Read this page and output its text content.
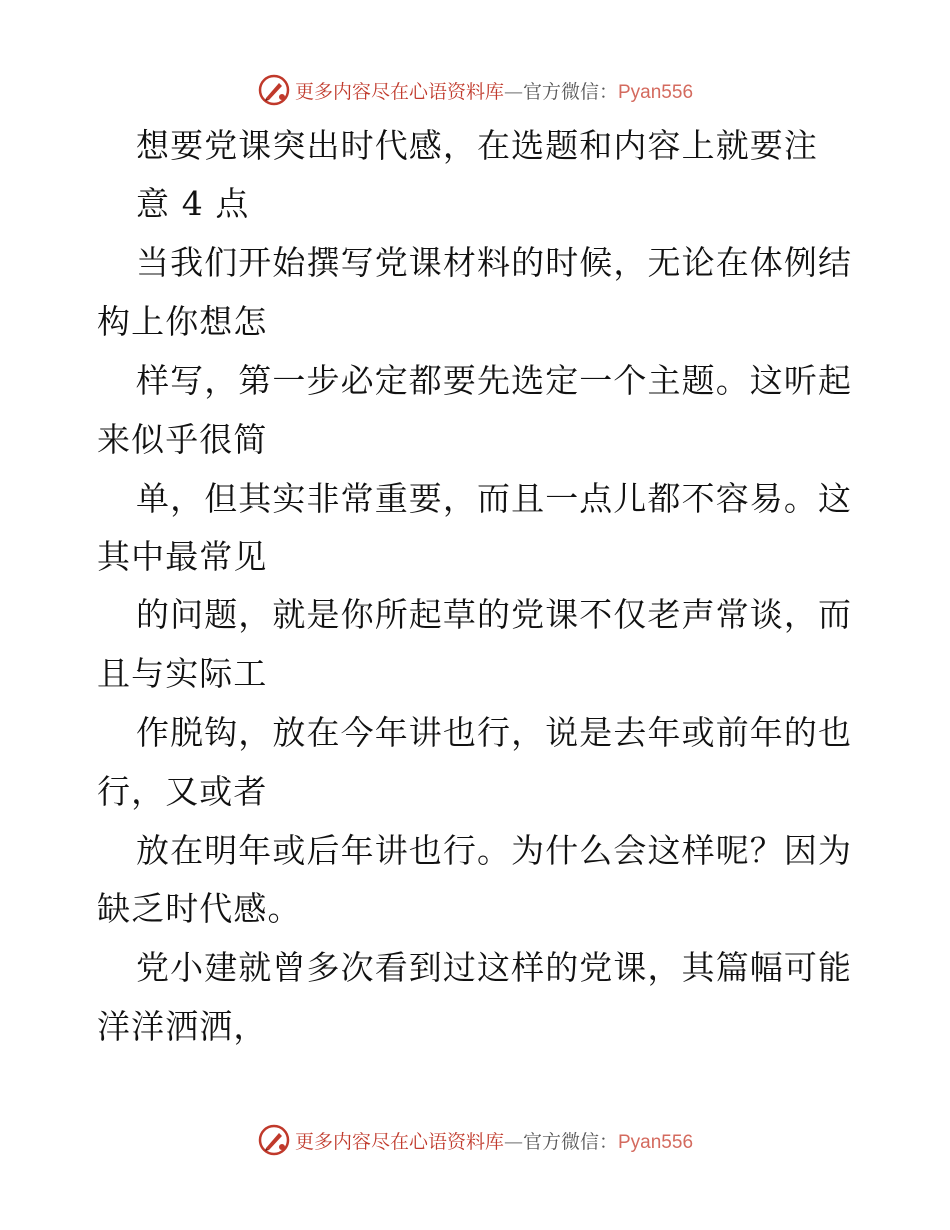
更多内容尽在心语资料库—官方微信：Pyan556
想要党课突出时代感，在选题和内容上就要注
意 4 点
当我们开始撰写党课材料的时候，无论在体例结
构上你想怎
样写，第一步必定都要先选定一个主题。这听起
来似乎很简
单，但其实非常重要，而且一点儿都不容易。这
其中最常见
的问题，就是你所起草的党课不仅老声常谈，而
且与实际工
作脱钩，放在今年讲也行，说是去年或前年的也
行，又或者
放在明年或后年讲也行。为什么会这样呢？因为
缺乏时代感。
党小建就曾多次看到过这样的党课，其篇幅可能
洋洋洒洒，
更多内容尽在心语资料库—官方微信：Pyan556
